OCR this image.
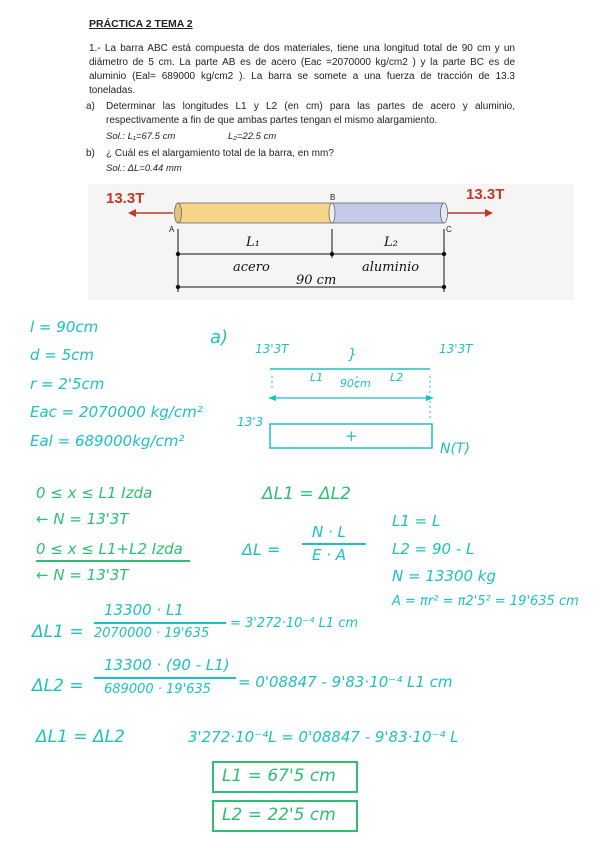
PRÁCTICA 2 TEMA 2

1.- La barra ABC está compuesta de dos materiales, tiene una longitud total de 90 cm y un diámetro de 5 cm. La parte AB es de acero (Eac =2070000 kg/cm2 ) y la parte BC es de aluminio (Eal= 689000 kg/cm2 ). La barra se somete a una fuerza de tracción de 13.3 toneladas.

a) Determinar las longitudes L1 y L2 (en cm) para las partes de acero y aluminio, respectivamente a fin de que ambas partes tengan el mismo alargamiento.

Sol.: L₁=67.5 cm	L₂=22.5 cm

b) ¿ Cuál es el alargamiento total de la barra, en mm?

Sol.: ΔL=0.44 mm

13.3T	13.3T
A
B
C
L₁	L₂
acero	aluminio
90 cm

l = 90cm

d = 5cm

r = 2'5cm

Eac = 2070000 kg/cm²

Eal = 689000kg/cm²

a)

13'3T	13'3T

}

L1 90cm L2

13'3

+

N(T)

0 ≤ x ≤ L1 Izda

← N = 13'3T

0 ≤ x ≤ L1+L2 Izda

← N = 13'3T

ΔL1 = ΔL2

ΔL =

N · L

E · A

L1 = L

L2 = 90 - L

N = 13300 kg

A = πr² = π2'5² = 19'635 cm

ΔL1 =

13300 · L1

2070000 · 19'635

= 3'272·10⁻⁴ L1 cm

ΔL2 =

13300 · (90 - L1)

689000 · 19'635 = 0'08847 - 9'83·10⁻⁴ L1 cm

ΔL1 = ΔL2	3'272·10⁻⁴L = 0'08847 - 9'83·10⁻⁴ L

L1 = 67'5 cm

L2 = 22'5 cm
